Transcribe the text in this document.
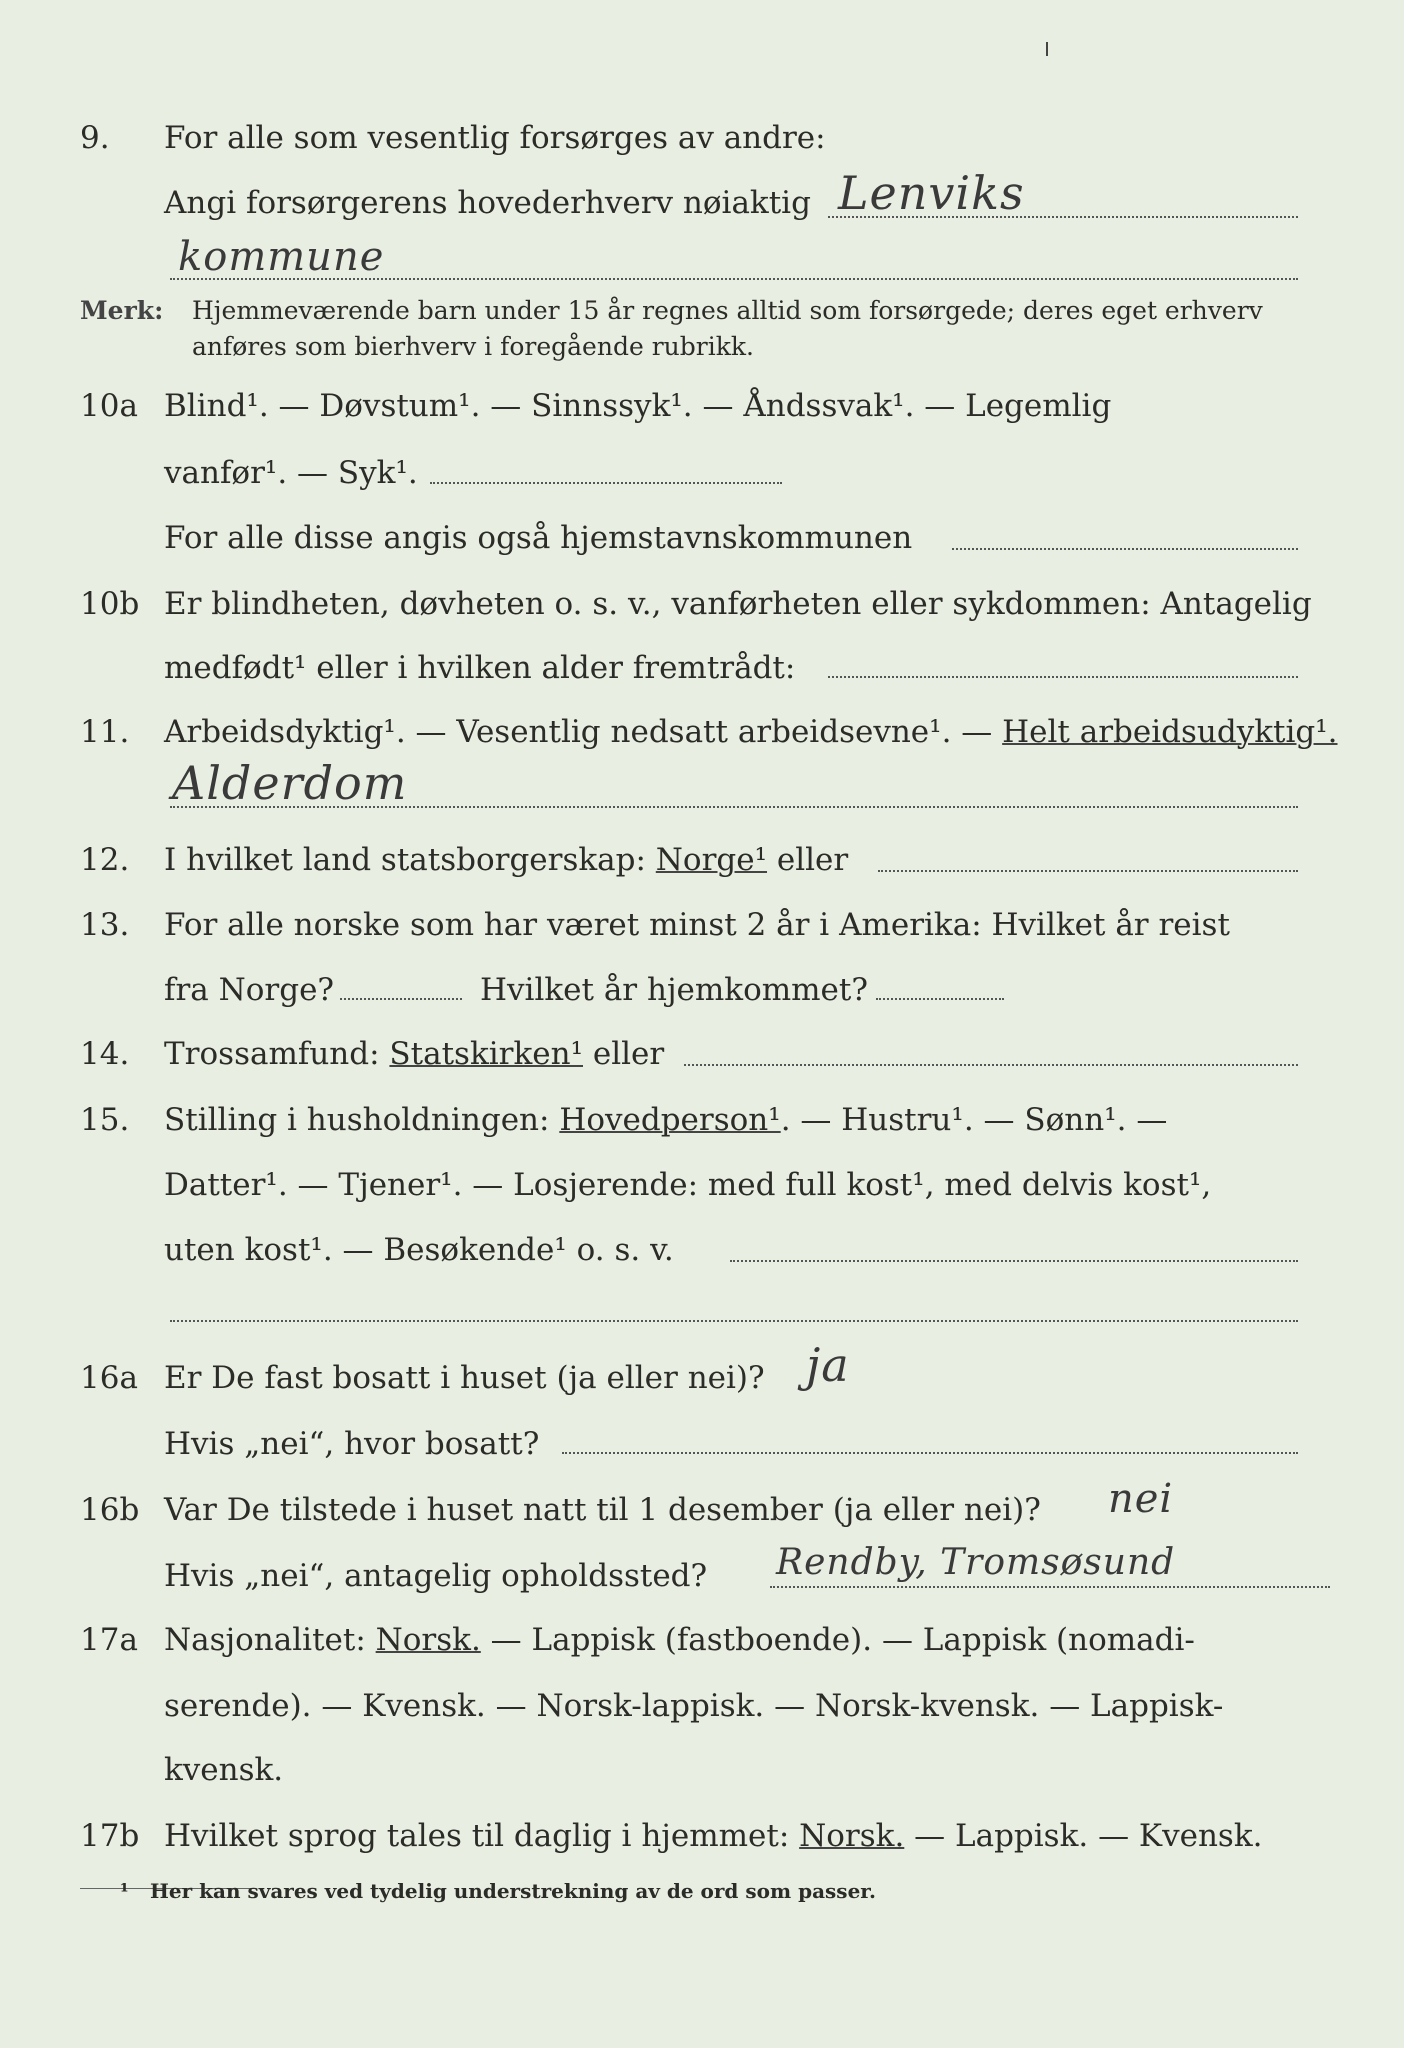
9. For alle som vesentlig forsørges av andre:
Angi forsørgerens hovederhverv nøiaktig Lenviks
kommune
Merk: Hjemmeværende barn under 15 år regnes alltid som forsørgede; deres eget erhverv
anføres som bierhverv i foregående rubrikk.
10a Blind¹. — Døvstum¹. — Sinnssyk¹. — Åndssvak¹. — Legemlig
vanfør¹. — Syk¹.
For alle disse angis også hjemstavnskommunen
10b Er blindheten, døvheten o. s. v., vanførheten eller sykdommen: Antagelig
medfødt¹ eller i hvilken alder fremtrådt:
11. Arbeidsdyktig¹. — Vesentlig nedsatt arbeidsevne¹. — Helt arbeidsudyktig¹.
Alderdom
12. I hvilket land statsborgerskap: Norge¹ eller
13. For alle norske som har været minst 2 år i Amerika: Hvilket år reist
fra Norge?	Hvilket år hjemkommet?
14. Trossamfund: Statskirken¹ eller
15. Stilling i husholdningen: Hovedperson¹. — Hustru¹. — Sønn¹. —
Datter¹. — Tjener¹. — Losjerende: med full kost¹, med delvis kost¹,
uten kost¹. — Besøkende¹ o. s. v.
16a Er De fast bosatt i huset (ja eller nei)? ja
Hvis „nei“, hvor bosatt?
16b Var De tilstede i huset natt til 1 desember (ja eller nei)? nei
Hvis „nei“, antagelig opholdssted? Rendby, Tromsøsund
17a Nasjonalitet: Norsk. — Lappisk (fastboende). — Lappisk (nomadi-
serende). — Kvensk. — Norsk-lappisk. — Norsk-kvensk. — Lappisk-
kvensk.
17b Hvilket sprog tales til daglig i hjemmet: Norsk. — Lappisk. — Kvensk.
¹ Her kan svares ved tydelig understrekning av de ord som passer.
